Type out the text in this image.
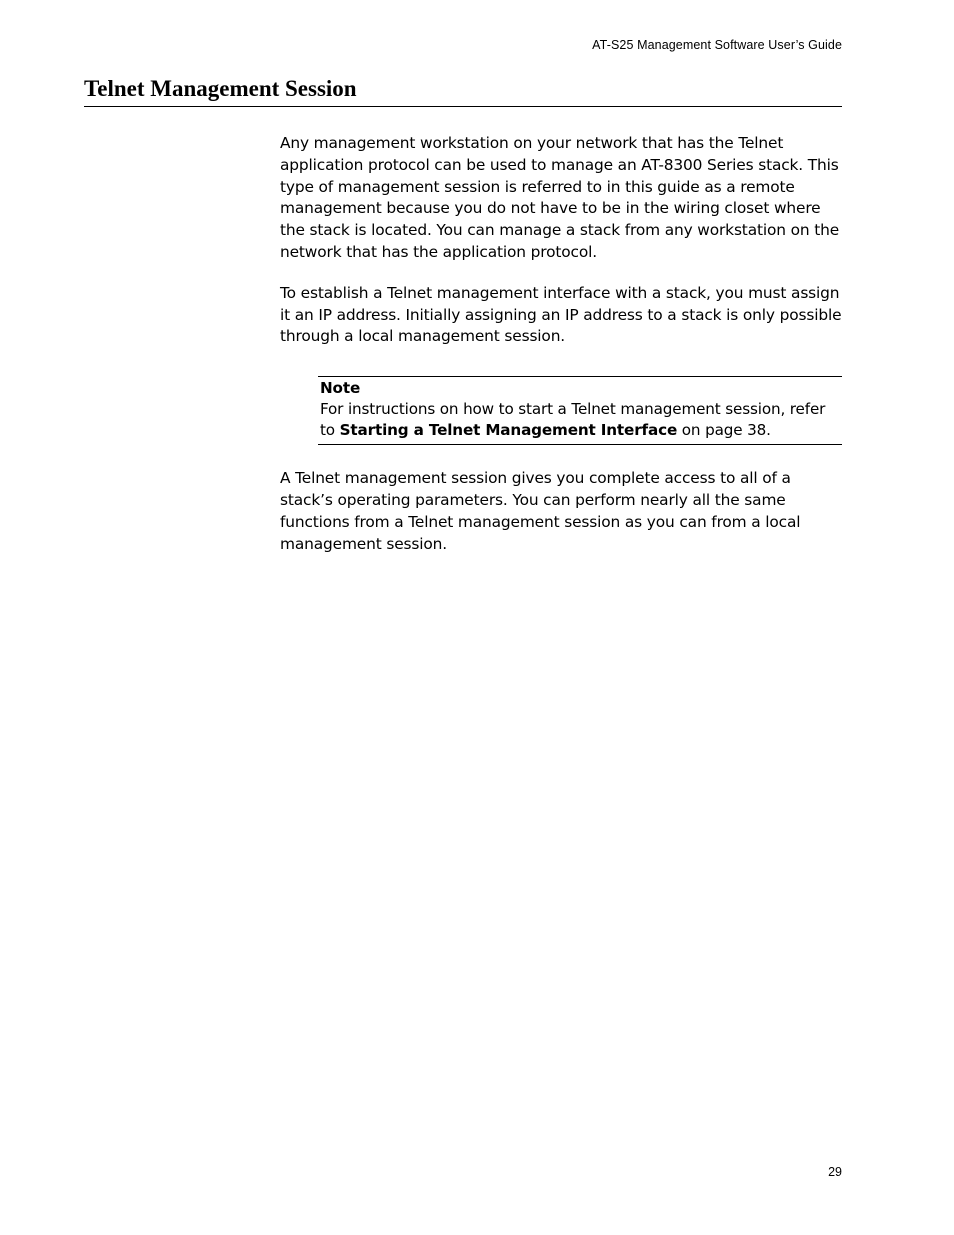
AT-S25 Management Software User’s Guide
Telnet Management Session

Any management workstation on your network that has the Telnet application protocol can be used to manage an AT-8300 Series stack. This type of management session is referred to in this guide as a remote management because you do not have to be in the wiring closet where the stack is located. You can manage a stack from any workstation on the network that has the application protocol.

To establish a Telnet management interface with a stack, you must assign it an IP address. Initially assigning an IP address to a stack is only possible through a local management session.

Note
For instructions on how to start a Telnet management session, refer to Starting a Telnet Management Interface on page 38.

A Telnet management session gives you complete access to all of a stack’s operating parameters. You can perform nearly all the same functions from a Telnet management session as you can from a local management session.

29
